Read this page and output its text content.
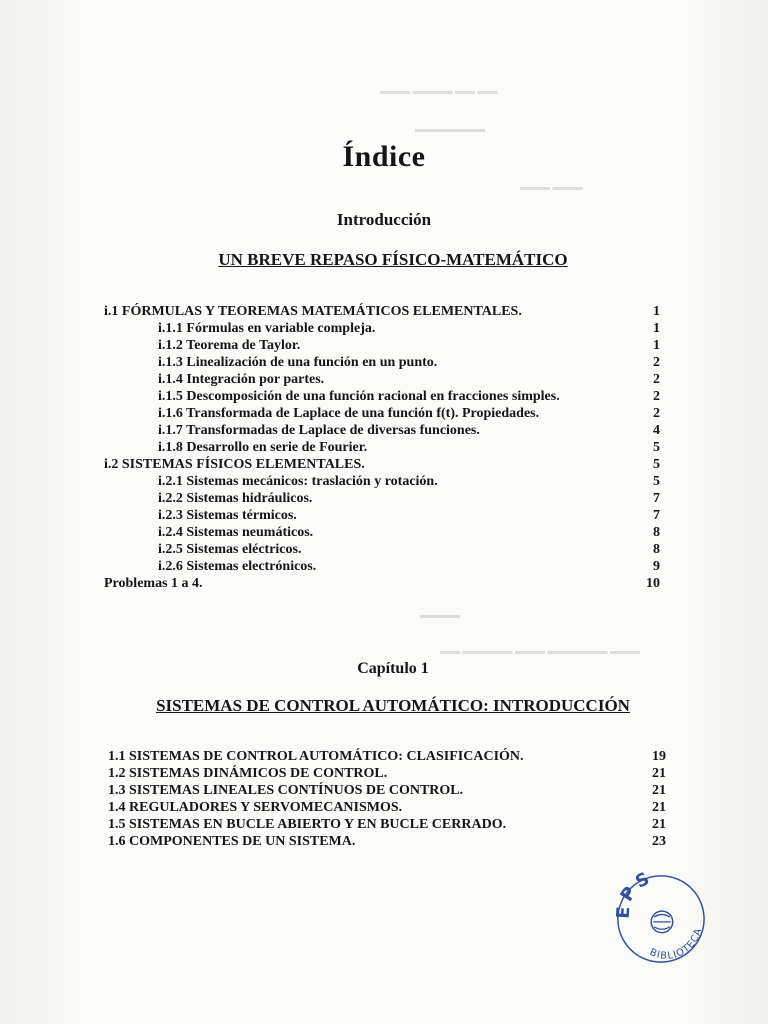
Índice
Introducción
UN BREVE REPASO FÍSICO-MATEMÁTICO
i.1 FÓRMULAS Y TEOREMAS MATEMÁTICOS ELEMENTALES.	1
i.1.1 Fórmulas en variable compleja.	1
i.1.2 Teorema de Taylor.	1
i.1.3 Linealización de una función en un punto.	2
i.1.4 Integración por partes.	2
i.1.5 Descomposición de una función racional en fracciones simples.	2
i.1.6 Transformada de Laplace de una función f(t). Propiedades.	2
i.1.7 Transformadas de Laplace de diversas funciones.	4
i.1.8 Desarrollo en serie de Fourier.	5
i.2 SISTEMAS FÍSICOS ELEMENTALES.	5
i.2.1 Sistemas mecánicos: traslación y rotación.	5
i.2.2 Sistemas hidráulicos.	7
i.2.3 Sistemas térmicos.	7
i.2.4 Sistemas neumáticos.	8
i.2.5 Sistemas eléctricos.	8
i.2.6 Sistemas electrónicos.	9
Problemas 1 a 4.	10
Capítulo 1
SISTEMAS DE CONTROL AUTOMÁTICO: INTRODUCCIÓN
1.1 SISTEMAS DE CONTROL AUTOMÁTICO: CLASIFICACIÓN.	19
1.2 SISTEMAS DINÁMICOS DE CONTROL.	21
1.3 SISTEMAS LINEALES CONTÍNUOS DE CONTROL.	21
1.4 REGULADORES Y SERVOMECANISMOS.	21
1.5 SISTEMAS EN BUCLE ABIERTO Y EN BUCLE CERRADO.	21
1.6 COMPONENTES DE UN SISTEMA.	23
EPS
BIBLIOTECA
▬▬▬ ▬▬▬▬ ▬▬ ▬▬
▬▬▬▬▬▬▬
▬▬▬ ▬▬▬
▬▬▬▬
▬▬ ▬▬▬▬▬ ▬▬▬ ▬▬▬▬▬▬ ▬▬▬
